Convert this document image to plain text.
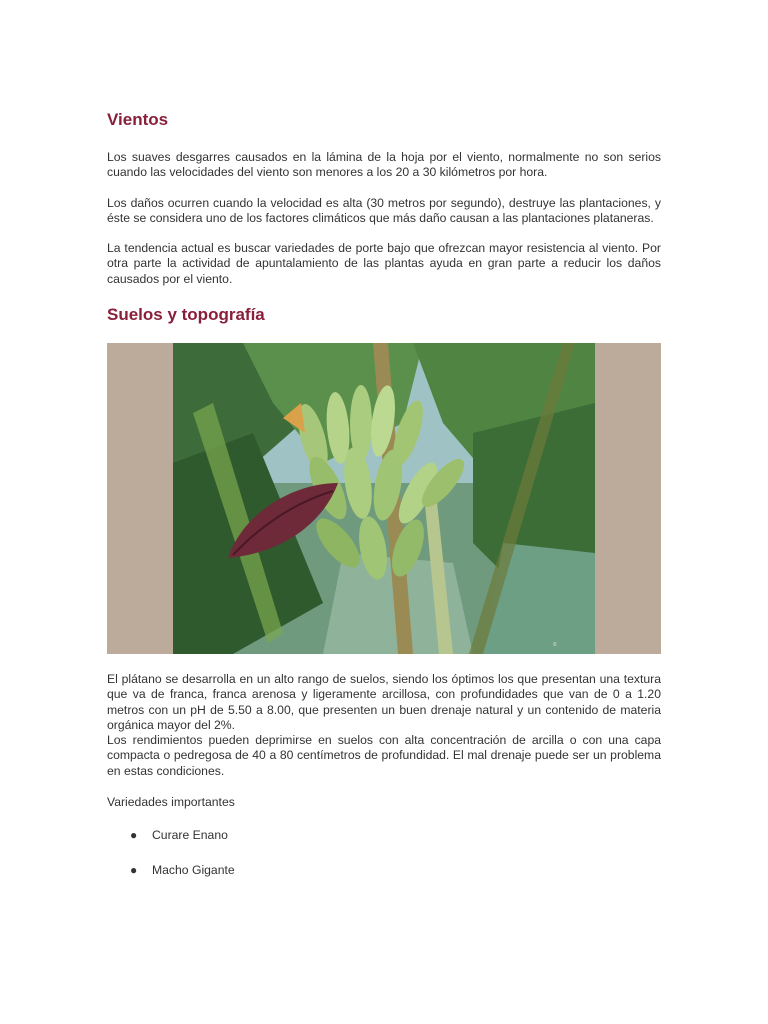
Vientos

Los suaves desgarres causados en la lámina de la hoja por el viento, normalmente no son serios cuando las velocidades del viento son menores a los 20 a 30 kilómetros por hora.

Los daños ocurren cuando la velocidad es alta (30 metros por segundo), destruye las plantaciones, y éste se considera uno de los factores climáticos que más daño causan a las plantaciones plataneras.

La tendencia actual es buscar variedades de porte bajo que ofrezcan mayor resistencia al viento. Por otra parte la actividad de apuntalamiento de las plantas ayuda en gran parte a reducir los daños causados por el viento.

Suelos y topografía
©

El plátano se desarrolla en un alto rango de suelos, siendo los óptimos los que presentan una textura que va de franca, franca arenosa y ligeramente arcillosa, con profundidades que van de 0 a 1.20 metros con un pH de 5.50 a 8.00, que presenten un buen drenaje natural y un contenido de materia orgánica mayor del 2%.

Los rendimientos pueden deprimirse en suelos con alta concentración de arcilla o con una capa compacta o pedregosa de 40 a 80 centímetros de profundidad. El mal drenaje puede ser un problema en estas condiciones.

Variedades importantes
● Curare Enano
● Macho Gigante
